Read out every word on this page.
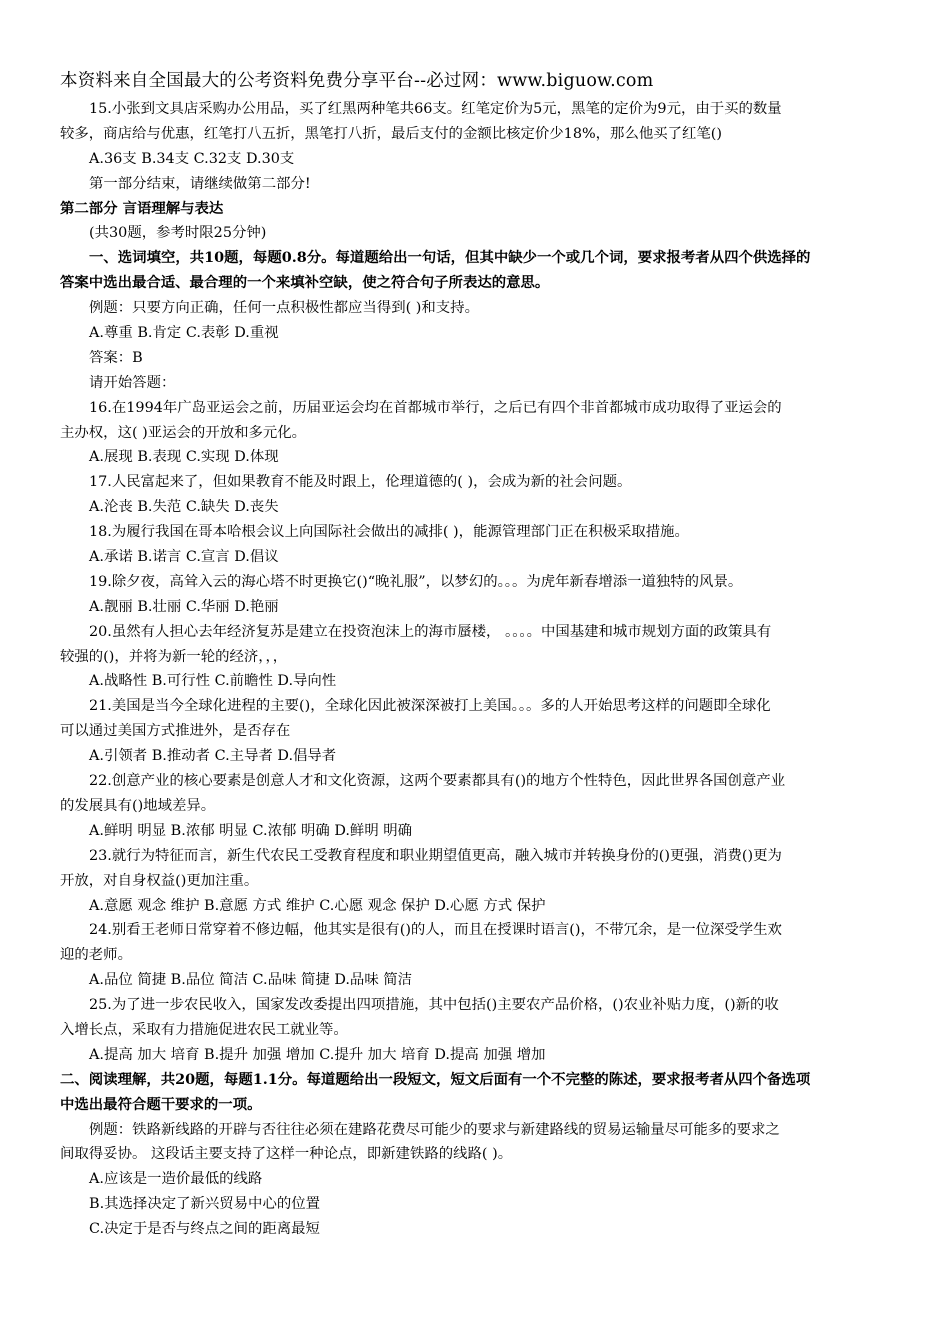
本资料来自全国最大的公考资料免费分享平台--必过网：www.biguow.com
15.小张到文具店采购办公用品，买了红黑两种笔共66支。红笔定价为5元，黑笔的定价为9元，由于买的数量
较多，商店给与优惠，红笔打八五折，黑笔打八折，最后支付的金额比核定价少18%，那么他买了红笔()
A.36支 B.34支 C.32支 D.30支
第一部分结束，请继续做第二部分!
第二部分 言语理解与表达
(共30题，参考时限25分钟)
一、选词填空，共10题，每题0.8分。每道题给出一句话，但其中缺少一个或几个词，要求报考者从四个供选择的
答案中选出最合适、最合理的一个来填补空缺，使之符合句子所表达的意思。
例题：只要方向正确，任何一点积极性都应当得到( )和支持。
A.尊重 B.肯定 C.表彰 D.重视
答案：B
请开始答题：
16.在1994年广岛亚运会之前，历届亚运会均在首都城市举行，之后已有四个非首都城市成功取得了亚运会的
主办权，这( )亚运会的开放和多元化。
A.展现 B.表现 C.实现 D.体现
17.人民富起来了，但如果教育不能及时跟上，伦理道德的( )，会成为新的社会问题。
A.沦丧 B.失范 C.缺失 D.丧失
18.为履行我国在哥本哈根会议上向国际社会做出的减排( )，能源管理部门正在积极采取措施。
A.承诺 B.诺言 C.宣言 D.倡议
19.除夕夜，高耸入云的海心塔不时更换它()“晚礼服”，以梦幻的。。。为虎年新春增添一道独特的风景。
A.靓丽 B.壮丽 C.华丽 D.艳丽
20.虽然有人担心去年经济复苏是建立在投资泡沫上的海市蜃楼， 。。。。中国基建和城市规划方面的政策具有
较强的()，并将为新一轮的经济，，，
A.战略性 B.可行性 C.前瞻性 D.导向性
21.美国是当今全球化进程的主要()，全球化因此被深深被打上美国。。。多的人开始思考这样的问题即全球化
可以通过美国方式推进外，是否存在
A.引领者 B.推动者 C.主导者 D.倡导者
22.创意产业的核心要素是创意人才和文化资源，这两个要素都具有()的地方个性特色，因此世界各国创意产业
的发展具有()地域差异。
A.鲜明 明显 B.浓郁 明显 C.浓郁 明确 D.鲜明 明确
23.就行为特征而言，新生代农民工受教育程度和职业期望值更高，融入城市并转换身份的()更强，消费()更为
开放，对自身权益()更加注重。
A.意愿 观念 维护 B.意愿 方式 维护 C.心愿 观念 保护 D.心愿 方式 保护
24.别看王老师日常穿着不修边幅，他其实是很有()的人，而且在授课时语言()，不带冗余，是一位深受学生欢
迎的老师。
A.品位 简捷 B.品位 简洁 C.品味 简捷 D.品味 简洁
25.为了进一步农民收入，国家发改委提出四项措施，其中包括()主要农产品价格，()农业补贴力度，()新的收
入增长点，采取有力措施促进农民工就业等。
A.提高 加大 培育 B.提升 加强 增加 C.提升 加大 培育 D.提高 加强 增加
二、阅读理解，共20题，每题1.1分。每道题给出一段短文，短文后面有一个不完整的陈述，要求报考者从四个备选项
中选出最符合题干要求的一项。
例题：铁路新线路的开辟与否往往必须在建路花费尽可能少的要求与新建路线的贸易运输量尽可能多的要求之
间取得妥协。 这段话主要支持了这样一种论点，即新建铁路的线路( )。
A.应该是一造价最低的线路
B.其选择决定了新兴贸易中心的位置
C.决定于是否与终点之间的距离最短
